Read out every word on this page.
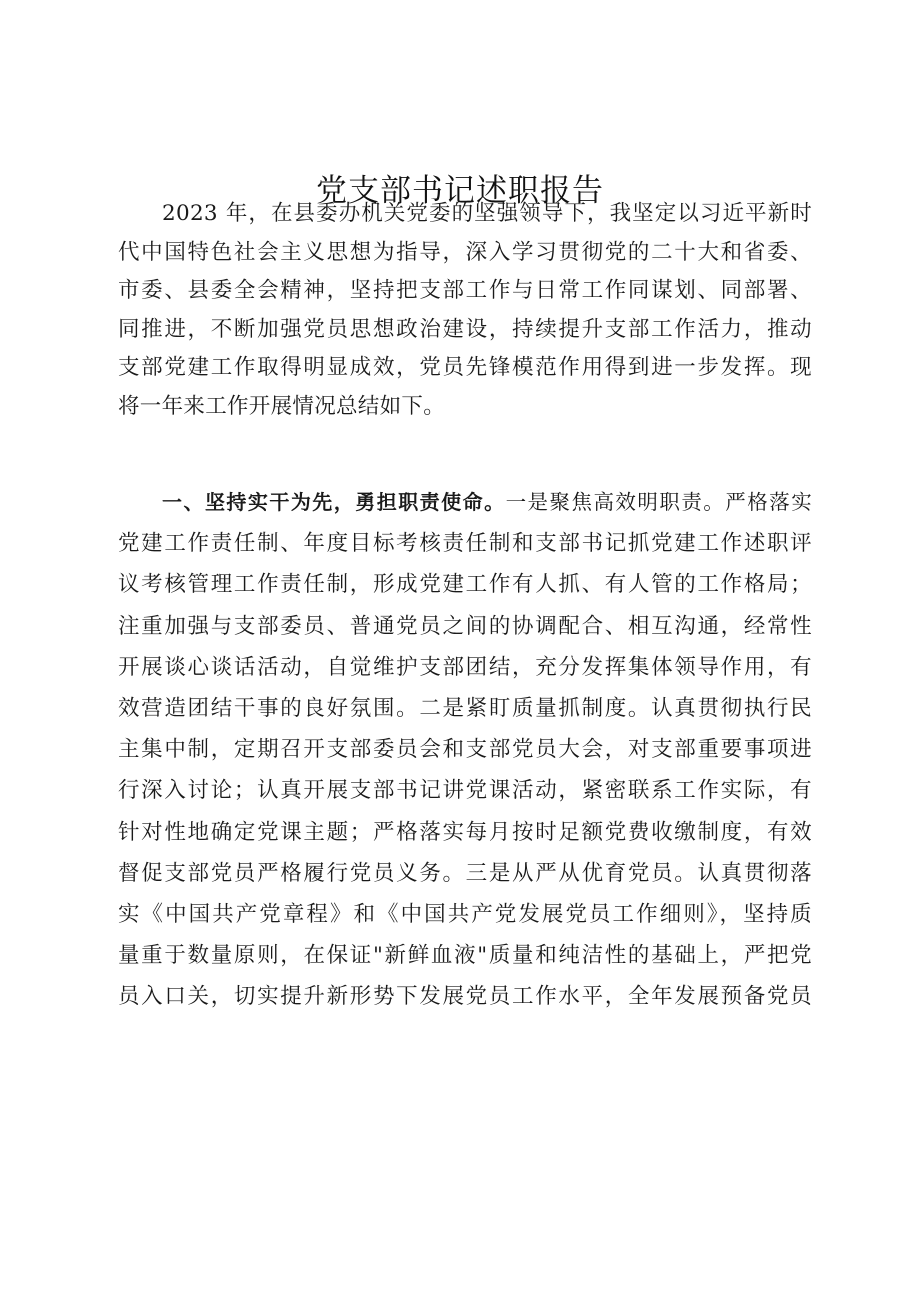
党支部书记述职报告
2023 年，在县委办机关党委的坚强领导下，我坚定以习近平新时
代中国特色社会主义思想为指导，深入学习贯彻党的二十大和省委、
市委、县委全会精神，坚持把支部工作与日常工作同谋划、同部署、
同推进，不断加强党员思想政治建设，持续提升支部工作活力，推动
支部党建工作取得明显成效，党员先锋模范作用得到进一步发挥。现
将一年来工作开展情况总结如下。
一、坚持实干为先，勇担职责使命。一是聚焦高效明职责。严格落实
党建工作责任制、年度目标考核责任制和支部书记抓党建工作述职评
议考核管理工作责任制，形成党建工作有人抓、有人管的工作格局；
注重加强与支部委员、普通党员之间的协调配合、相互沟通，经常性
开展谈心谈话活动，自觉维护支部团结，充分发挥集体领导作用，有
效营造团结干事的良好氛围。二是紧盯质量抓制度。认真贯彻执行民
主集中制，定期召开支部委员会和支部党员大会，对支部重要事项进
行深入讨论；认真开展支部书记讲党课活动，紧密联系工作实际，有
针对性地确定党课主题；严格落实每月按时足额党费收缴制度，有效
督促支部党员严格履行党员义务。三是从严从优育党员。认真贯彻落
实《中国共产党章程》和《中国共产党发展党员工作细则》，坚持质
量重于数量原则，在保证"新鲜血液"质量和纯洁性的基础上，严把党
员入口关，切实提升新形势下发展党员工作水平，全年发展预备党员
